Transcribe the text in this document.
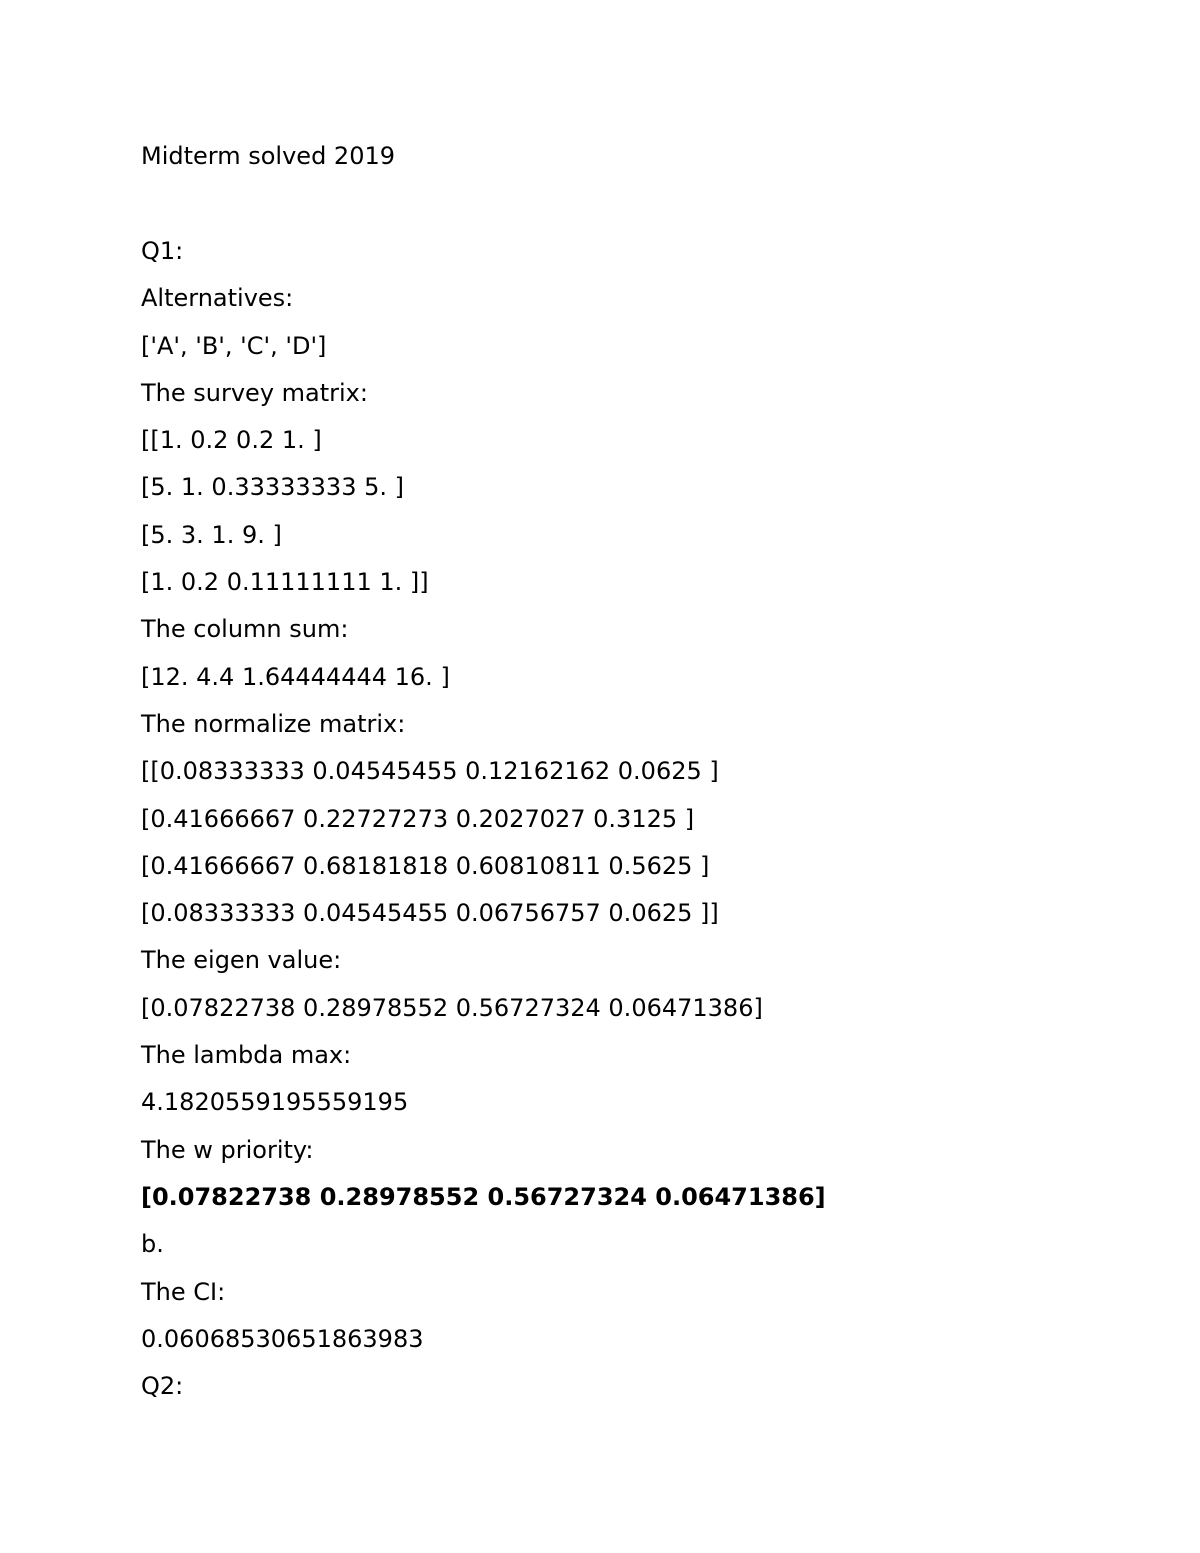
Midterm solved 2019
Q1:
Alternatives:
['A', 'B', 'C', 'D']
The survey matrix:
[[1. 0.2 0.2 1. ]
[5. 1. 0.33333333 5. ]
[5. 3. 1. 9. ]
[1. 0.2 0.11111111 1. ]]
The column sum:
[12. 4.4 1.64444444 16. ]
The normalize matrix:
[[0.08333333 0.04545455 0.12162162 0.0625 ]
[0.41666667 0.22727273 0.2027027 0.3125 ]
[0.41666667 0.68181818 0.60810811 0.5625 ]
[0.08333333 0.04545455 0.06756757 0.0625 ]]
The eigen value:
[0.07822738 0.28978552 0.56727324 0.06471386]
The lambda max:
4.1820559195559195
The w priority:
[0.07822738 0.28978552 0.56727324 0.06471386]
b.
The CI:
0.06068530651863983
Q2:
